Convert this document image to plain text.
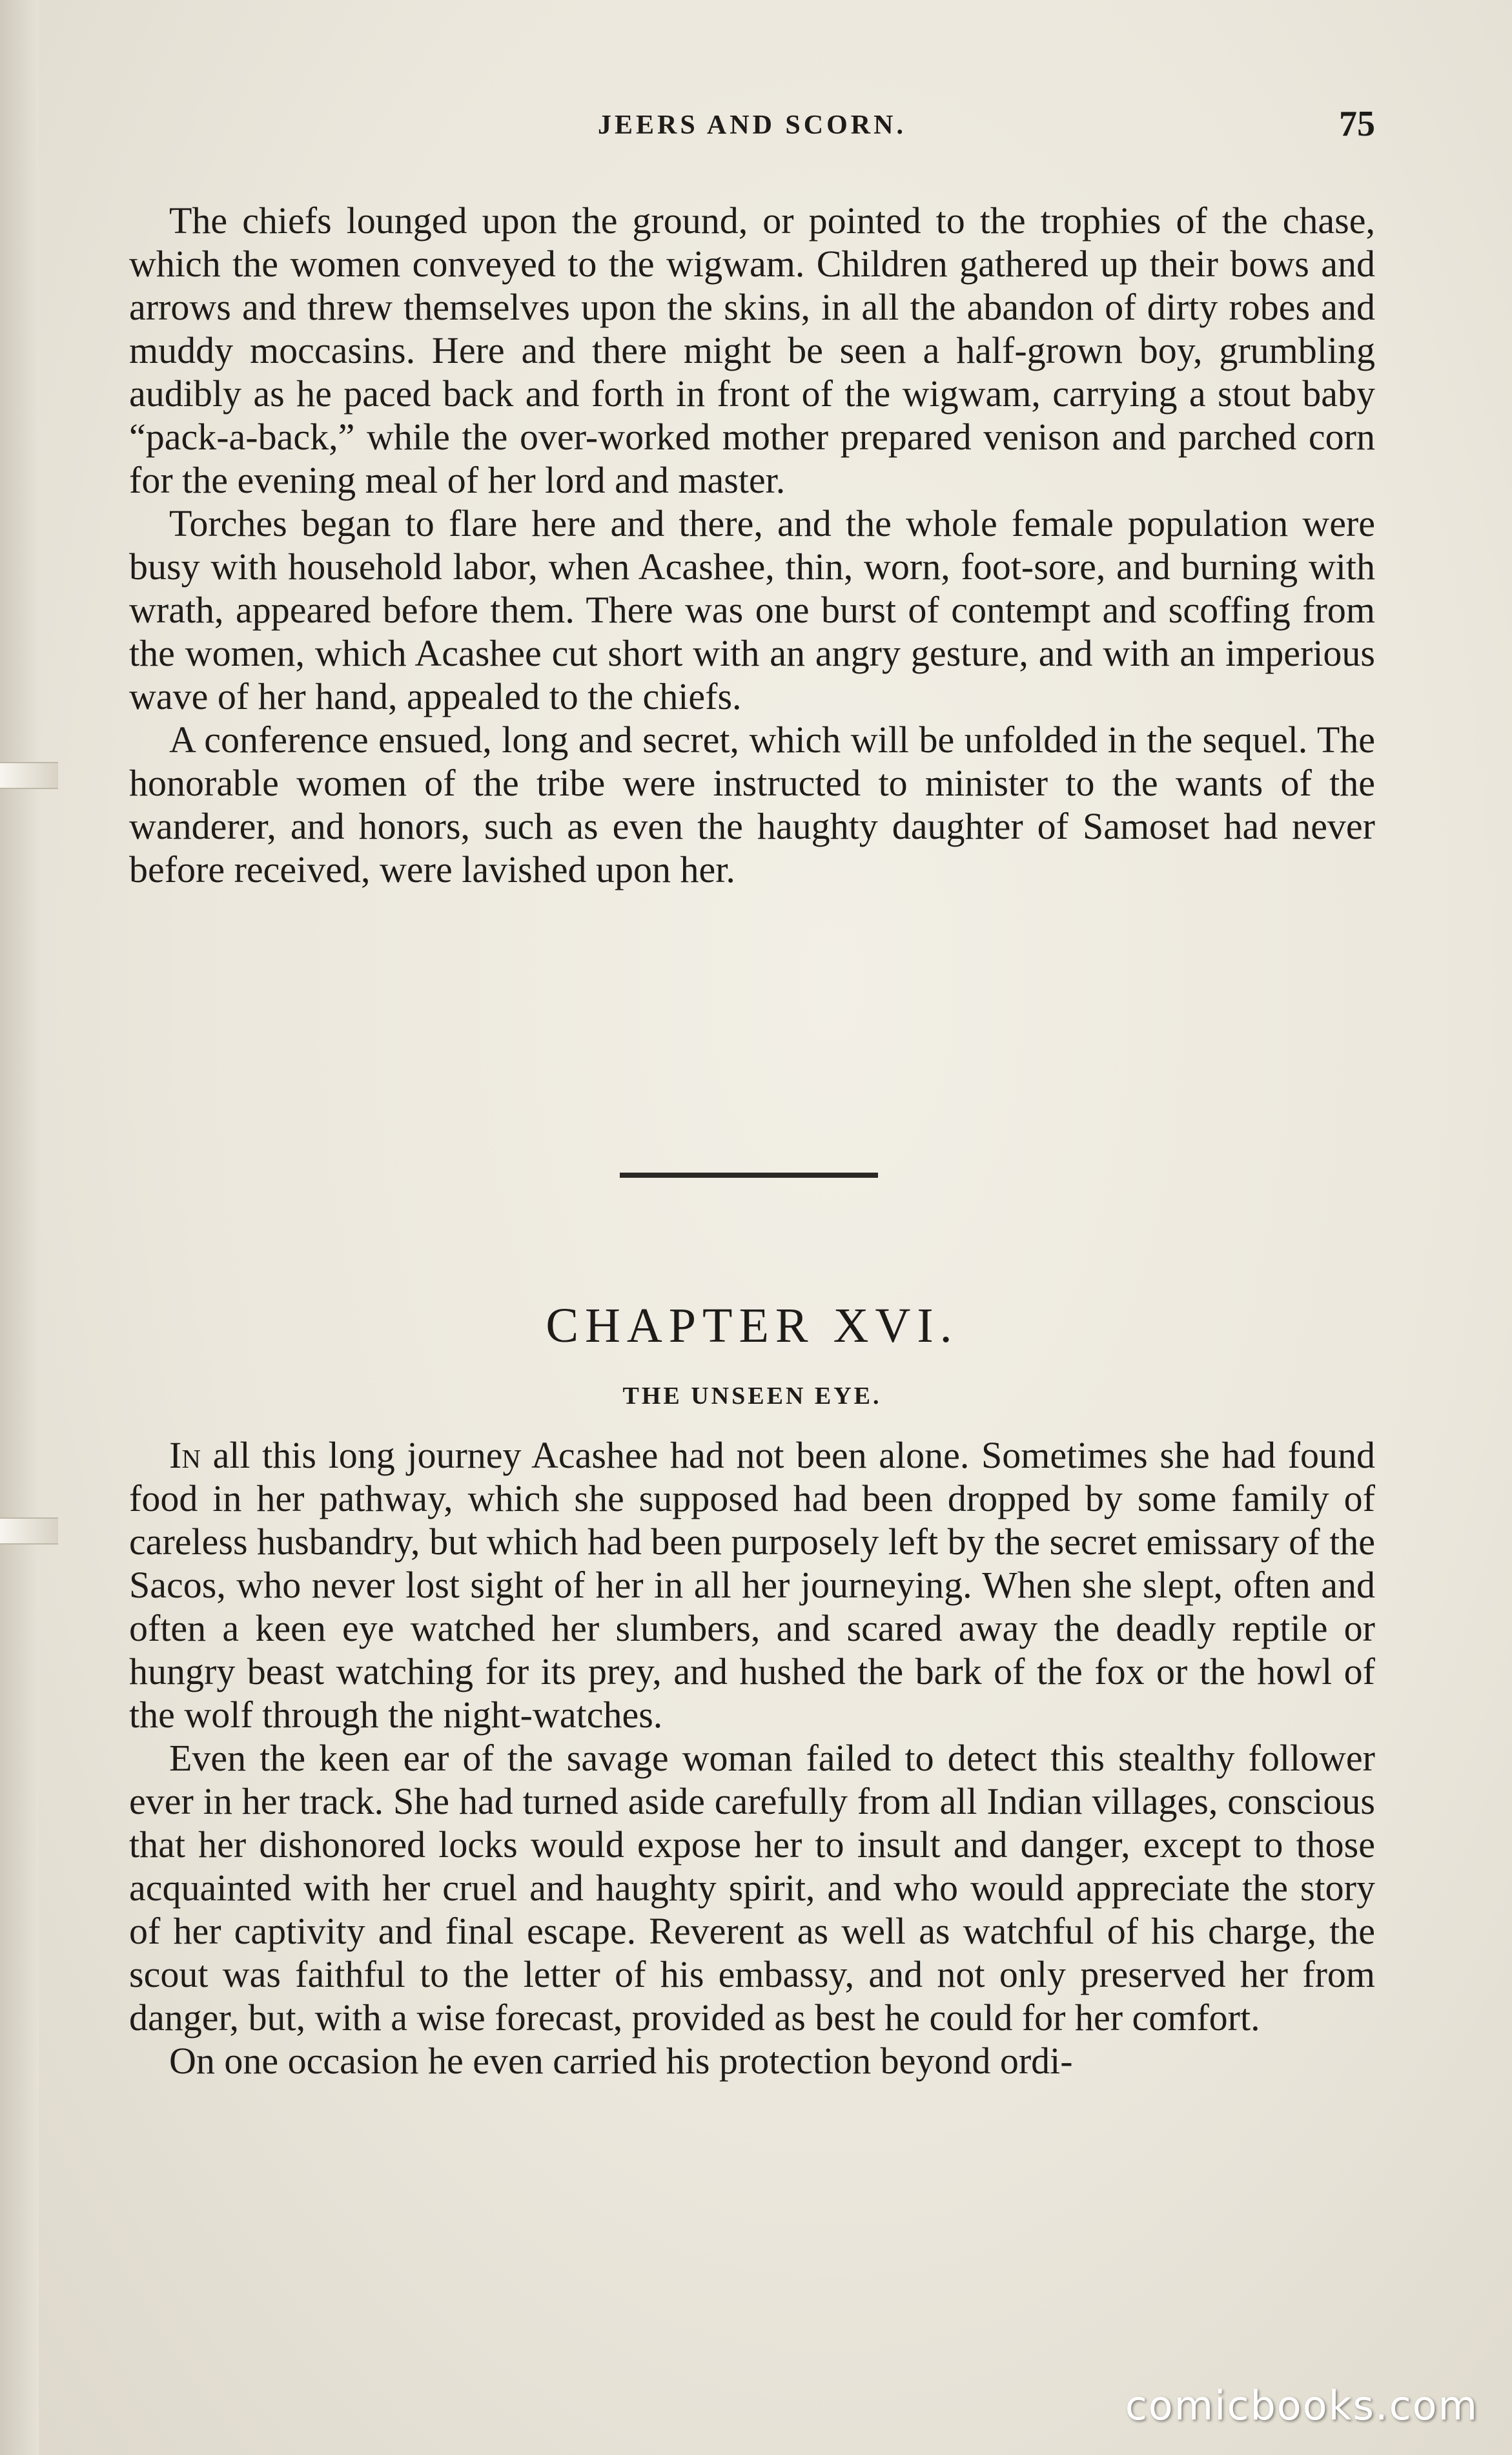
JEERS AND SCORN.	75

The chiefs lounged upon the ground, or pointed to the trophies of the chase, which the women conveyed to the wigwam. Children gathered up their bows and arrows and threw themselves upon the skins, in all the abandon of dirty robes and muddy moccasins. Here and there might be seen a half-grown boy, grumbling audibly as he paced back and forth in front of the wigwam, carrying a stout baby “pack-a-back,” while the over-worked mother prepared venison and parched corn for the evening meal of her lord and master.

Torches began to flare here and there, and the whole female population were busy with household labor, when Acashee, thin, worn, foot-sore, and burning with wrath, appeared before them. There was one burst of contempt and scoffing from the women, which Acashee cut short with an angry gesture, and with an imperious wave of her hand, appealed to the chiefs.

A conference ensued, long and secret, which will be unfolded in the sequel. The honorable women of the tribe were instructed to minister to the wants of the wanderer, and honors, such as even the haughty daughter of Samoset had never before received, were lavished upon her.

CHAPTER XVI.
THE UNSEEN EYE.

In all this long journey Acashee had not been alone. Sometimes she had found food in her pathway, which she supposed had been dropped by some family of careless husbandry, but which had been purposely left by the secret emissary of the Sacos, who never lost sight of her in all her journeying. When she slept, often and often a keen eye watched her slumbers, and scared away the deadly reptile or hungry beast watching for its prey, and hushed the bark of the fox or the howl of the wolf through the night-watches.

Even the keen ear of the savage woman failed to detect this stealthy follower ever in her track. She had turned aside carefully from all Indian villages, conscious that her dishonored locks would expose her to insult and danger, except to those acquainted with her cruel and haughty spirit, and who would appreciate the story of her captivity and final escape. Reverent as well as watchful of his charge, the scout was faithful to the letter of his embassy, and not only preserved her from danger, but, with a wise forecast, provided as best he could for her comfort.

On one occasion he even carried his protection beyond ordi-

comicbooks.com
